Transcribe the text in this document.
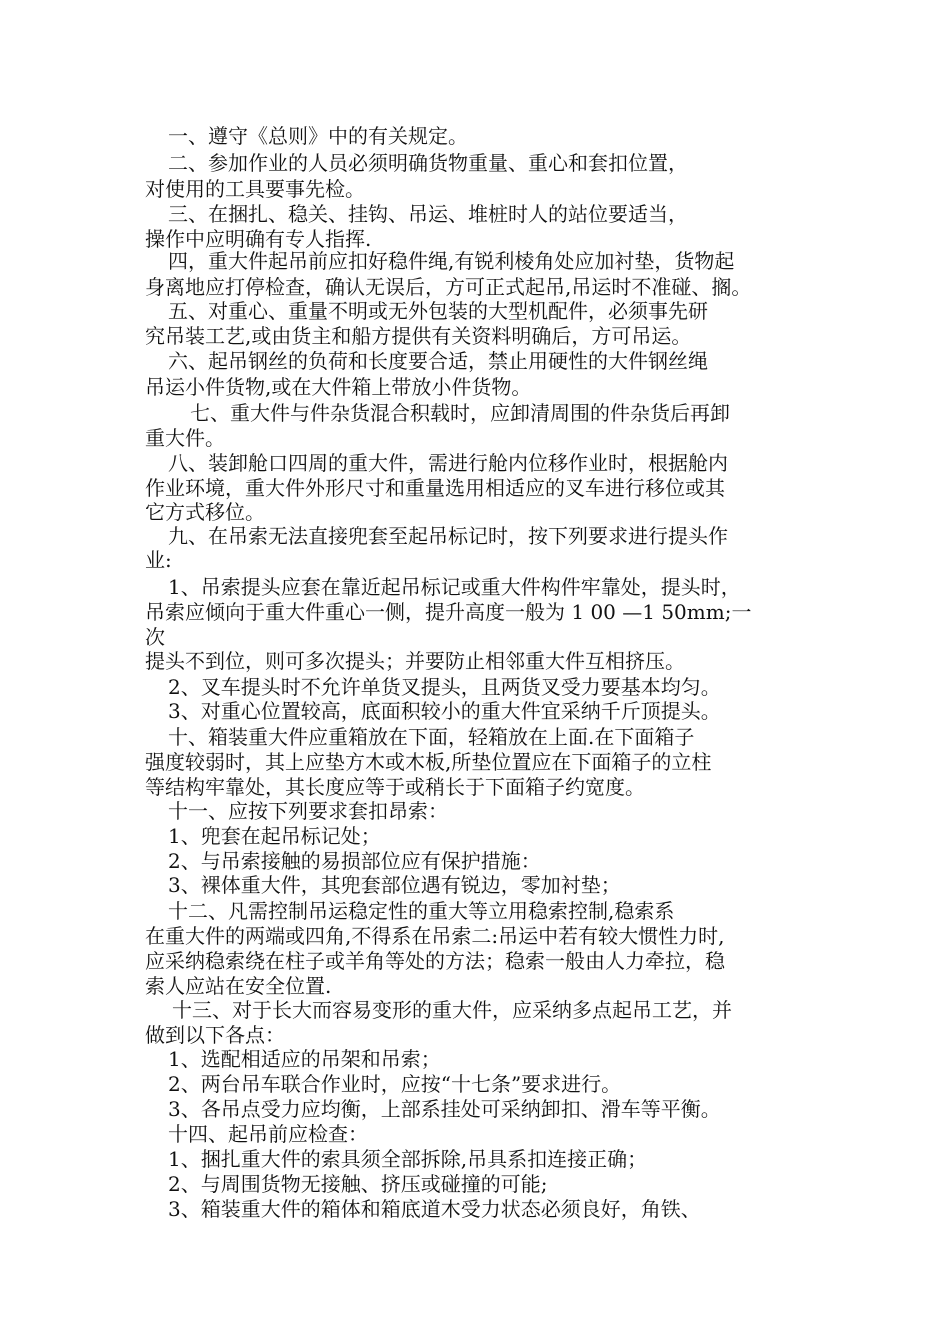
一、遵守《总则》中的有关规定。
二、参加作业的人员必须明确货物重量、重心和套扣位置，
对使用的工具要事先检。
三、在捆扎、稳关、挂钩、吊运、堆桩时人的站位要适当，
操作中应明确有专人指挥.
四，重大件起吊前应扣好稳件绳,有锐利棱角处应加衬垫，货物起
身离地应打停检查，确认无误后，方可正式起吊,吊运时不准碰、搁。
五、对重心、重量不明或无外包装的大型机配件，必须事先研
究吊装工艺,或由货主和船方提供有关资料明确后，方可吊运。
六、起吊钢丝的负荷和长度要合适，禁止用硬性的大件钢丝绳
吊运小件货物,或在大件箱上带放小件货物。
七、重大件与件杂货混合积载时，应卸清周围的件杂货后再卸
重大件。
八、装卸舱口四周的重大件，需进行舱内位移作业时，根据舱内
作业环境，重大件外形尺寸和重量选用相适应的叉车进行移位或其
它方式移位。
九、在吊索无法直接兜套至起吊标记时，按下列要求进行提头作
业:
1、吊索提头应套在靠近起吊标记或重大件构件牢靠处，提头时，
吊索应倾向于重大件重心一侧，提升高度一般为 1 00 —1 50mm;一
次
提头不到位，则可多次提头；并要防止相邻重大件互相挤压。
2、叉车提头时不允许单货叉提头，且两货叉受力要基本均匀。
3、对重心位置较高，底面积较小的重大件宜采纳千斤顶提头。
十、箱装重大件应重箱放在下面，轻箱放在上面.在下面箱子
强度较弱时，其上应垫方木或木板,所垫位置应在下面箱子的立柱
等结构牢靠处，其长度应等于或稍长于下面箱子约宽度。
十一、应按下列要求套扣昂索：
1、兜套在起吊标记处；
2、与吊索接触的易损部位应有保护措施：
3、裸体重大件，其兜套部位遇有锐边，零加衬垫；
十二、凡需控制吊运稳定性的重大等立用稳索控制,稳索系
在重大件的两端或四角,不得系在吊索二:吊运中若有较大惯性力时,
应采纳稳索绕在柱子或羊角等处的方法；稳索一般由人力牵拉，稳
索人应站在安全位置.
十三、对于长大而容易变形的重大件，应采纳多点起吊工艺，并
做到以下各点：
1、选配相适应的吊架和吊索；
2、两台吊车联合作业时，应按“十七条”要求进行。
3、各吊点受力应均衡，上部系挂处可采纳卸扣、滑车等平衡。
十四、起吊前应检查：
1、捆扎重大件的索具须全部拆除,吊具系扣连接正确；
2、与周围货物无接触、挤压或碰撞的可能;
3、箱装重大件的箱体和箱底道木受力状态必须良好，角铁、
